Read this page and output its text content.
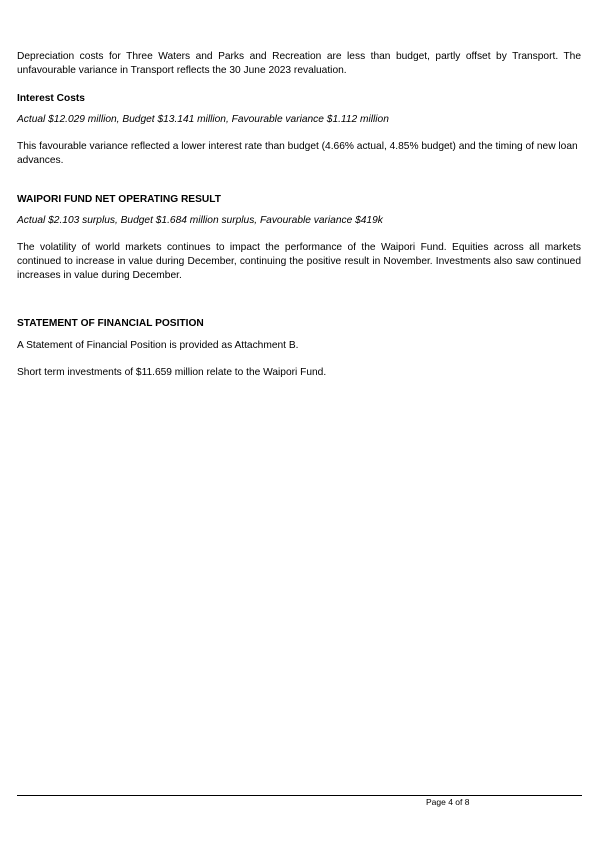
Depreciation costs for Three Waters and Parks and Recreation are less than budget, partly offset by Transport. The unfavourable variance in Transport reflects the 30 June 2023 revaluation.

Interest Costs

Actual $12.029 million, Budget $13.141 million, Favourable variance $1.112 million

This favourable variance reflected a lower interest rate than budget (4.66% actual, 4.85% budget) and the timing of new loan advances.

WAIPORI FUND NET OPERATING RESULT

Actual $2.103 surplus, Budget $1.684 million surplus, Favourable variance $419k

The volatility of world markets continues to impact the performance of the Waipori Fund. Equities across all markets continued to increase in value during December, continuing the positive result in November. Investments also saw continued increases in value during December.

STATEMENT OF FINANCIAL POSITION

A Statement of Financial Position is provided as Attachment B.

Short term investments of $11.659 million relate to the Waipori Fund.

Page 4 of 8
